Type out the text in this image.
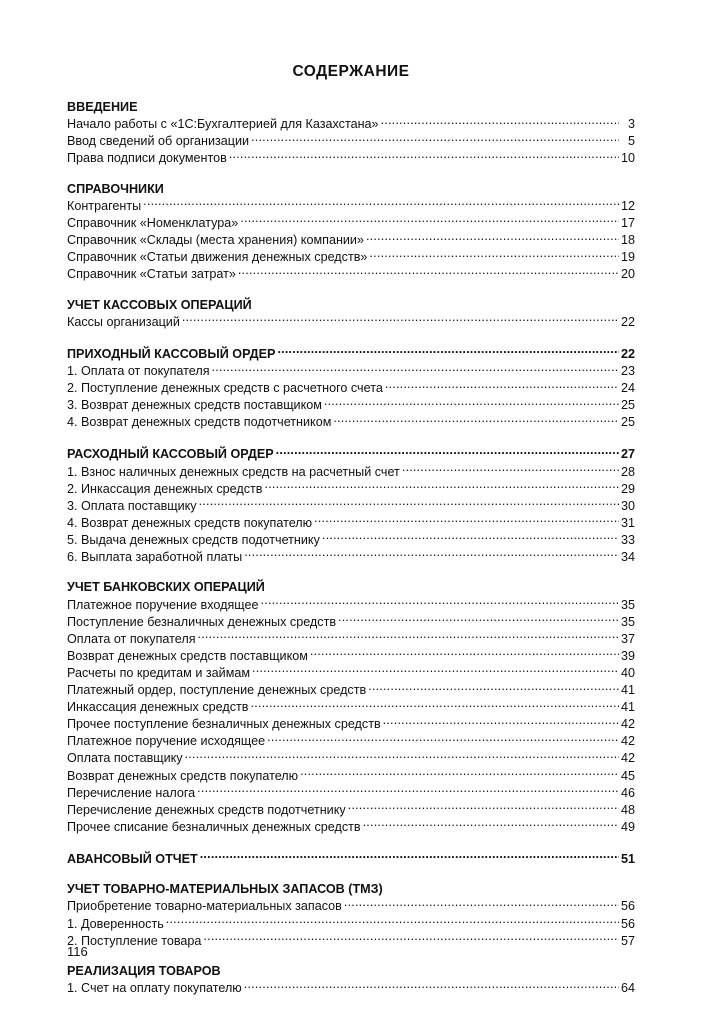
СОДЕРЖАНИЕ
ВВЕДЕНИЕ
Начало работы с «1С:Бухгалтерией для Казахстана» .....	3
Ввод сведений об организации .....	5
Права подписи документов .....	10
СПРАВОЧНИКИ
Контрагенты .....	12
Справочник «Номенклатура» .....	17
Справочник «Склады (места хранения) компании» .....	18
Справочник «Статьи движения денежных средств» .....	19
Справочник «Статьи затрат» .....	20
УЧЕТ КАССОВЫХ ОПЕРАЦИЙ
Кассы организаций .....	22
ПРИХОДНЫЙ КАССОВЫЙ ОРДЕР .....	22
1. Оплата от покупателя .....	23
2. Поступление денежных средств с расчетного счета .....	24
3. Возврат денежных средств поставщиком .....	25
4. Возврат денежных средств подотчетником .....	25
РАСХОДНЫЙ КАССОВЫЙ ОРДЕР .....	27
1. Взнос наличных денежных средств на расчетный счет .....	28
2. Инкассация денежных средств .....	29
3. Оплата поставщику .....	30
4. Возврат денежных средств покупателю .....	31
5. Выдача денежных средств подотчетнику .....	33
6. Выплата заработной платы .....	34
УЧЕТ БАНКОВСКИХ ОПЕРАЦИЙ
Платежное поручение входящее .....	35
Поступление безналичных денежных средств .....	35
Оплата от покупателя .....	37
Возврат денежных средств поставщиком .....	39
Расчеты по кредитам и займам .....	40
Платежный ордер, поступление денежных средств .....	41
Инкассация денежных средств .....	41
Прочее поступление безналичных денежных средств .....	42
Платежное поручение исходящее .....	42
Оплата поставщику .....	42
Возврат денежных средств покупателю .....	45
Перечисление налога .....	46
Перечисление денежных средств подотчетнику .....	48
Прочее списание безналичных денежных средств .....	49
АВАНСОВЫЙ ОТЧЕТ .....	51
УЧЕТ ТОВАРНО-МАТЕРИАЛЬНЫХ ЗАПАСОВ (ТМЗ)
Приобретение товарно-материальных запасов .....	56
1. Доверенность .....	56
2. Поступление товара .....	57
РЕАЛИЗАЦИЯ ТОВАРОВ
1. Счет на оплату покупателю .....	64
116
